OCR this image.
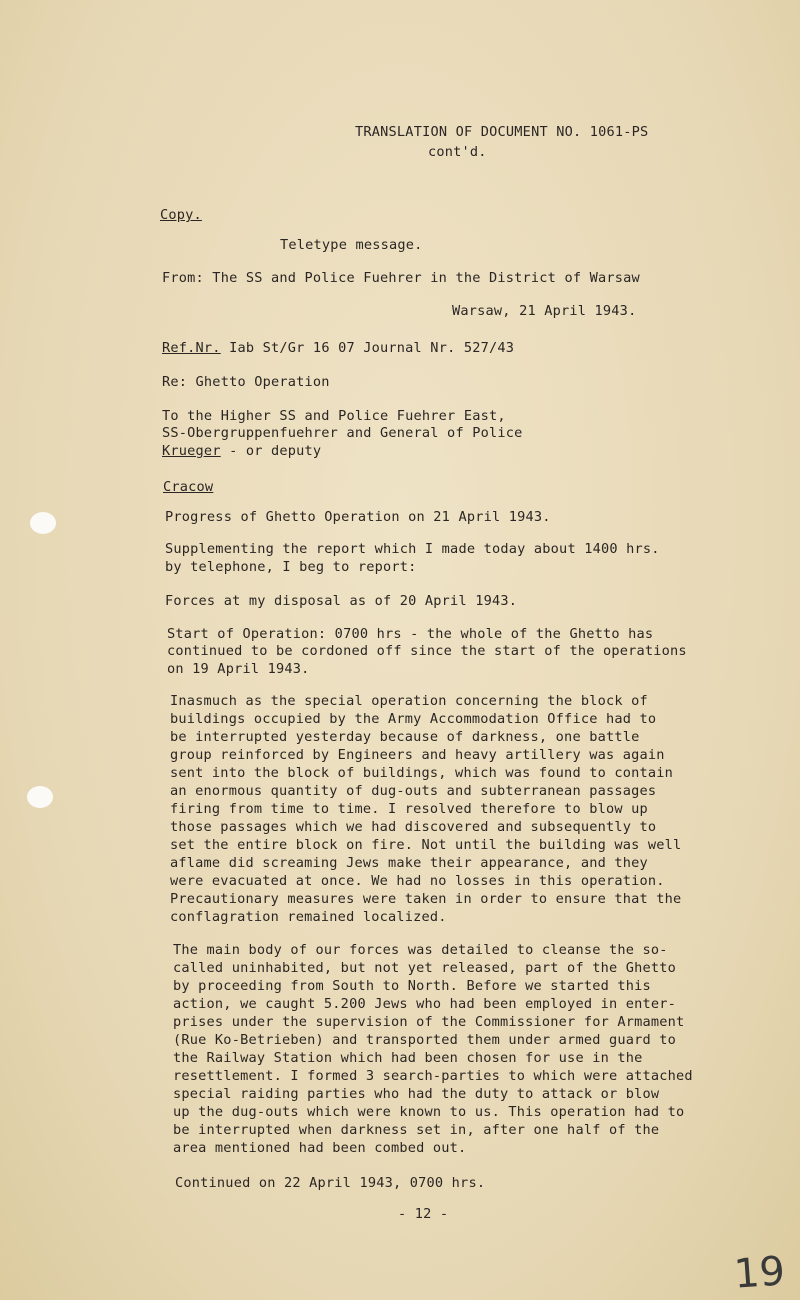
TRANSLATION OF DOCUMENT NO. 1061-PS
cont'd.
Copy.
Teletype message.
From: The SS and Police Fuehrer in the District of Warsaw
Warsaw, 21 April 1943.
Ref.Nr. Iab St/Gr 16 07 Journal Nr. 527/43
Re: Ghetto Operation
To the Higher SS and Police Fuehrer East,
SS-Obergruppenfuehrer and General of Police
Krueger - or deputy
Cracow
Progress of Ghetto Operation on 21 April 1943.
Supplementing the report which I made today about 1400 hrs.
by telephone, I beg to report:
Forces at my disposal as of 20 April 1943.
Start of Operation: 0700 hrs - the whole of the Ghetto has
continued to be cordoned off since the start of the operations
on 19 April 1943.
Inasmuch as the special operation concerning the block of
buildings occupied by the Army Accommodation Office had to
be interrupted yesterday because of darkness, one battle
group reinforced by Engineers and heavy artillery was again
sent into the block of buildings, which was found to contain
an enormous quantity of dug-outs and subterranean passages
firing from time to time. I resolved therefore to blow up
those passages which we had discovered and subsequently to
set the entire block on fire. Not until the building was well
aflame did screaming Jews make their appearance, and they
were evacuated at once. We had no losses in this operation.
Precautionary measures were taken in order to ensure that the
conflagration remained localized.
The main body of our forces was detailed to cleanse the so-
called uninhabited, but not yet released, part of the Ghetto
by proceeding from South to North. Before we started this
action, we caught 5.200 Jews who had been employed in enter-
prises under the supervision of the Commissioner for Armament
(Rue Ko-Betrieben) and transported them under armed guard to
the Railway Station which had been chosen for use in the
resettlement. I formed 3 search-parties to which were attached
special raiding parties who had the duty to attack or blow
up the dug-outs which were known to us. This operation had to
be interrupted when darkness set in, after one half of the
area mentioned had been combed out.
Continued on 22 April 1943, 0700 hrs.
- 12 -
19
